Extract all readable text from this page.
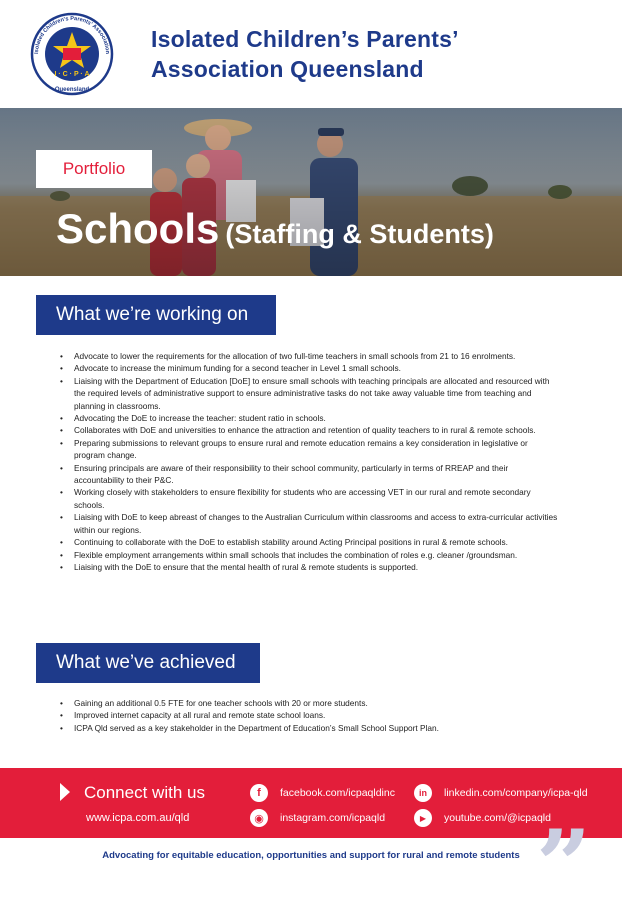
Isolated Children's Parents' Association
I · C · P · A
Queensland
Isolated Children’s Parents’
Association Queensland
Portfolio
Schools (Staffing & Students)
What we’re working on
• Advocate to lower the requirements for the allocation of two full-time teachers in small schools from 21 to 16 enrolments.
• Advocate to increase the minimum funding for a second teacher in Level 1 small schools.
• Liaising with the Department of Education [DoE] to ensure small schools with teaching principals are allocated and resourced with the required levels of administrative support to ensure administrative tasks do not take away valuable time from teaching and planning in classrooms.
• Advocating the DoE to increase the teacher: student ratio in schools.
• Collaborates with DoE and universities to enhance the attraction and retention of quality teachers to in rural & remote schools.
• Preparing submissions to relevant groups to ensure rural and remote education remains a key consideration in legislative or program change.
• Ensuring principals are aware of their responsibility to their school community, particularly in terms of RREAP and their accountability to their P&C.
• Working closely with stakeholders to ensure flexibility for students who are accessing VET in our rural and remote secondary schools.
• Liaising with DoE to keep abreast of changes to the Australian Curriculum within classrooms and access to extra-curricular activities within our regions.
• Continuing to collaborate with the DoE to establish stability around Acting Principal positions in rural & remote schools.
• Flexible employment arrangements within small schools that includes the combination of roles e.g. cleaner /groundsman.
• Liaising with the DoE to ensure that the mental health of rural & remote students is supported.
What we’ve achieved
• Gaining an additional 0.5 FTE for one teacher schools with 20 or more students.
• Improved internet capacity at all rural and remote state school loans.
• ICPA Qld served as a key stakeholder in the Department of Education’s Small School Support Plan.
Connect with us
www.icpa.com.au/qld
f	facebook.com/icpaqldinc
◉	instagram.com/icpaqld
in	linkedin.com/company/icpa-qld
▶	youtube.com/@icpaqld
”
Advocating for equitable education, opportunities and support for rural and remote students
